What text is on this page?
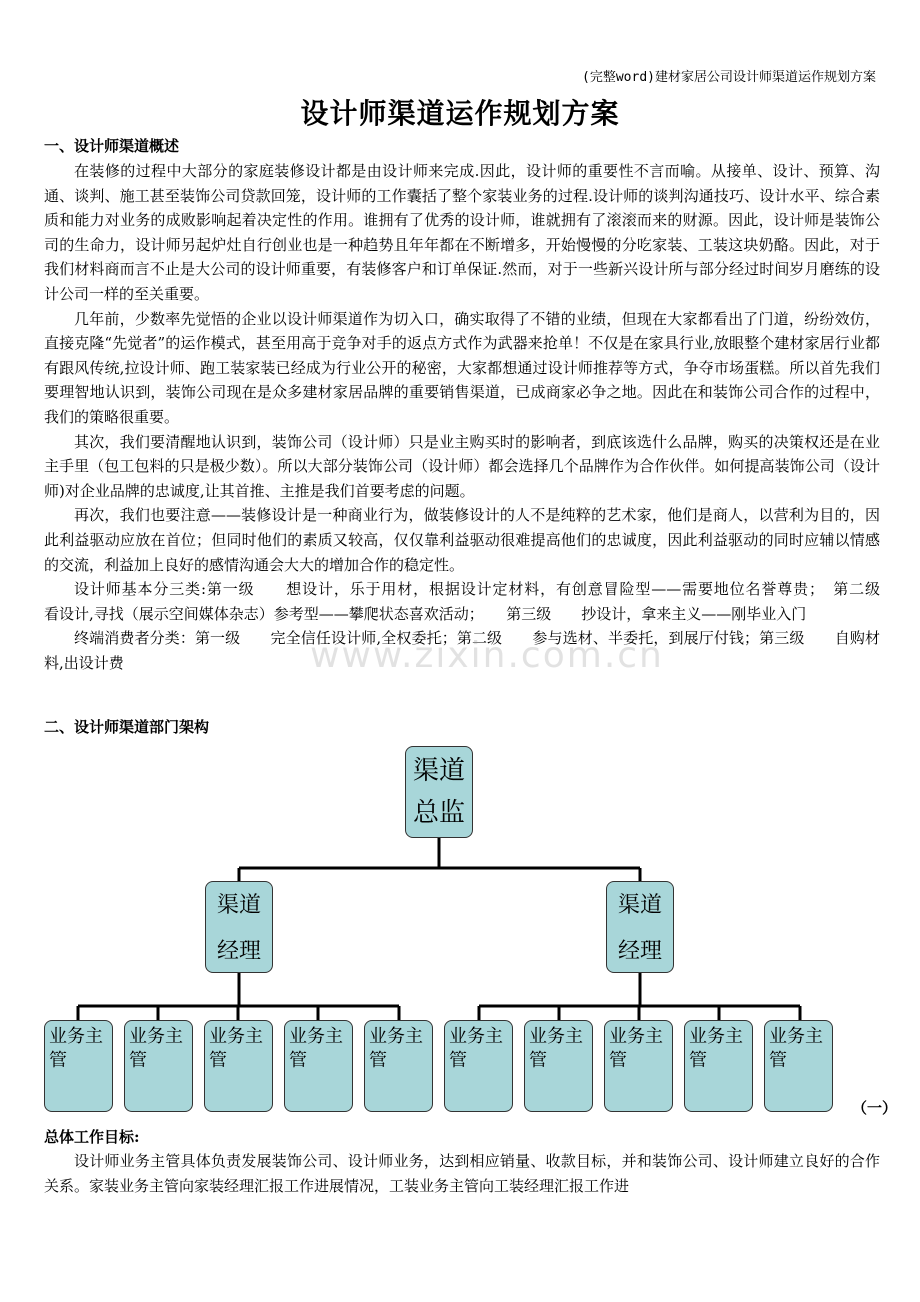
(完整word)建材家居公司设计师渠道运作规划方案
设计师渠道运作规划方案
一、设计师渠道概述

在装修的过程中大部分的家庭装修设计都是由设计师来完成.因此，设计师的重要性不言而喻。从接单、设计、预算、沟通、谈判、施工甚至装饰公司贷款回笼，设计师的工作囊括了整个家装业务的过程.设计师的谈判沟通技巧、设计水平、综合素质和能力对业务的成败影响起着决定性的作用。谁拥有了优秀的设计师，谁就拥有了滚滚而来的财源。因此，设计师是装饰公司的生命力，设计师另起炉灶自行创业也是一种趋势且年年都在不断增多，开始慢慢的分吃家装、工装这块奶酪。因此，对于我们材料商而言不止是大公司的设计师重要，有装修客户和订单保证.然而，对于一些新兴设计所与部分经过时间岁月磨练的设计公司一样的至关重要。

几年前，少数率先觉悟的企业以设计师渠道作为切入口，确实取得了不错的业绩，但现在大家都看出了门道，纷纷效仿，直接克隆“先觉者”的运作模式，甚至用高于竞争对手的返点方式作为武器来抢单！不仅是在家具行业,放眼整个建材家居行业都有跟风传统,拉设计师、跑工装家装已经成为行业公开的秘密，大家都想通过设计师推荐等方式，争夺市场蛋糕。所以首先我们要理智地认识到，装饰公司现在是众多建材家居品牌的重要销售渠道，已成商家必争之地。因此在和装饰公司合作的过程中，我们的策略很重要。

其次，我们要清醒地认识到，装饰公司（设计师）只是业主购买时的影响者，到底该选什么品牌，购买的决策权还是在业主手里（包工包料的只是极少数）。所以大部分装饰公司（设计师）都会选择几个品牌作为合作伙伴。如何提高装饰公司（设计师)对企业品牌的忠诚度,让其首推、主推是我们首要考虑的问题。

再次，我们也要注意——装修设计是一种商业行为，做装修设计的人不是纯粹的艺术家，他们是商人，以营利为目的，因此利益驱动应放在首位；但同时他们的素质又较高，仅仅靠利益驱动很难提高他们的忠诚度，因此利益驱动的同时应辅以情感的交流，利益加上良好的感情沟通会大大的增加合作的稳定性。

设计师基本分三类:第一级　　想设计，乐于用材，根据设计定材料，有创意冒险型——需要地位名誉尊贵；　第二级　　看设计,寻找（展示空间媒体杂志）参考型——攀爬状态喜欢活动；　　第三级　　抄设计，拿来主义——刚毕业入门

终端消费者分类：第一级　　完全信任设计师,全权委托；第二级　　参与选材、半委托，到展厅付钱；第三级　　自购材料,出设计费	www.zixin.com.cn
二、设计师渠道部门架构
渠道
总监
渠道
经理
渠道
经理
业务主管
业务主管
业务主管
业务主管
业务主管
业务主管
业务主管
业务主管
业务主管
业务主管
（一）
总体工作目标:

设计师业务主管具体负责发展装饰公司、设计师业务，达到相应销量、收款目标，并和装饰公司、设计师建立良好的合作关系。家装业务主管向家装经理汇报工作进展情况，工装业务主管向工装经理汇报工作进
